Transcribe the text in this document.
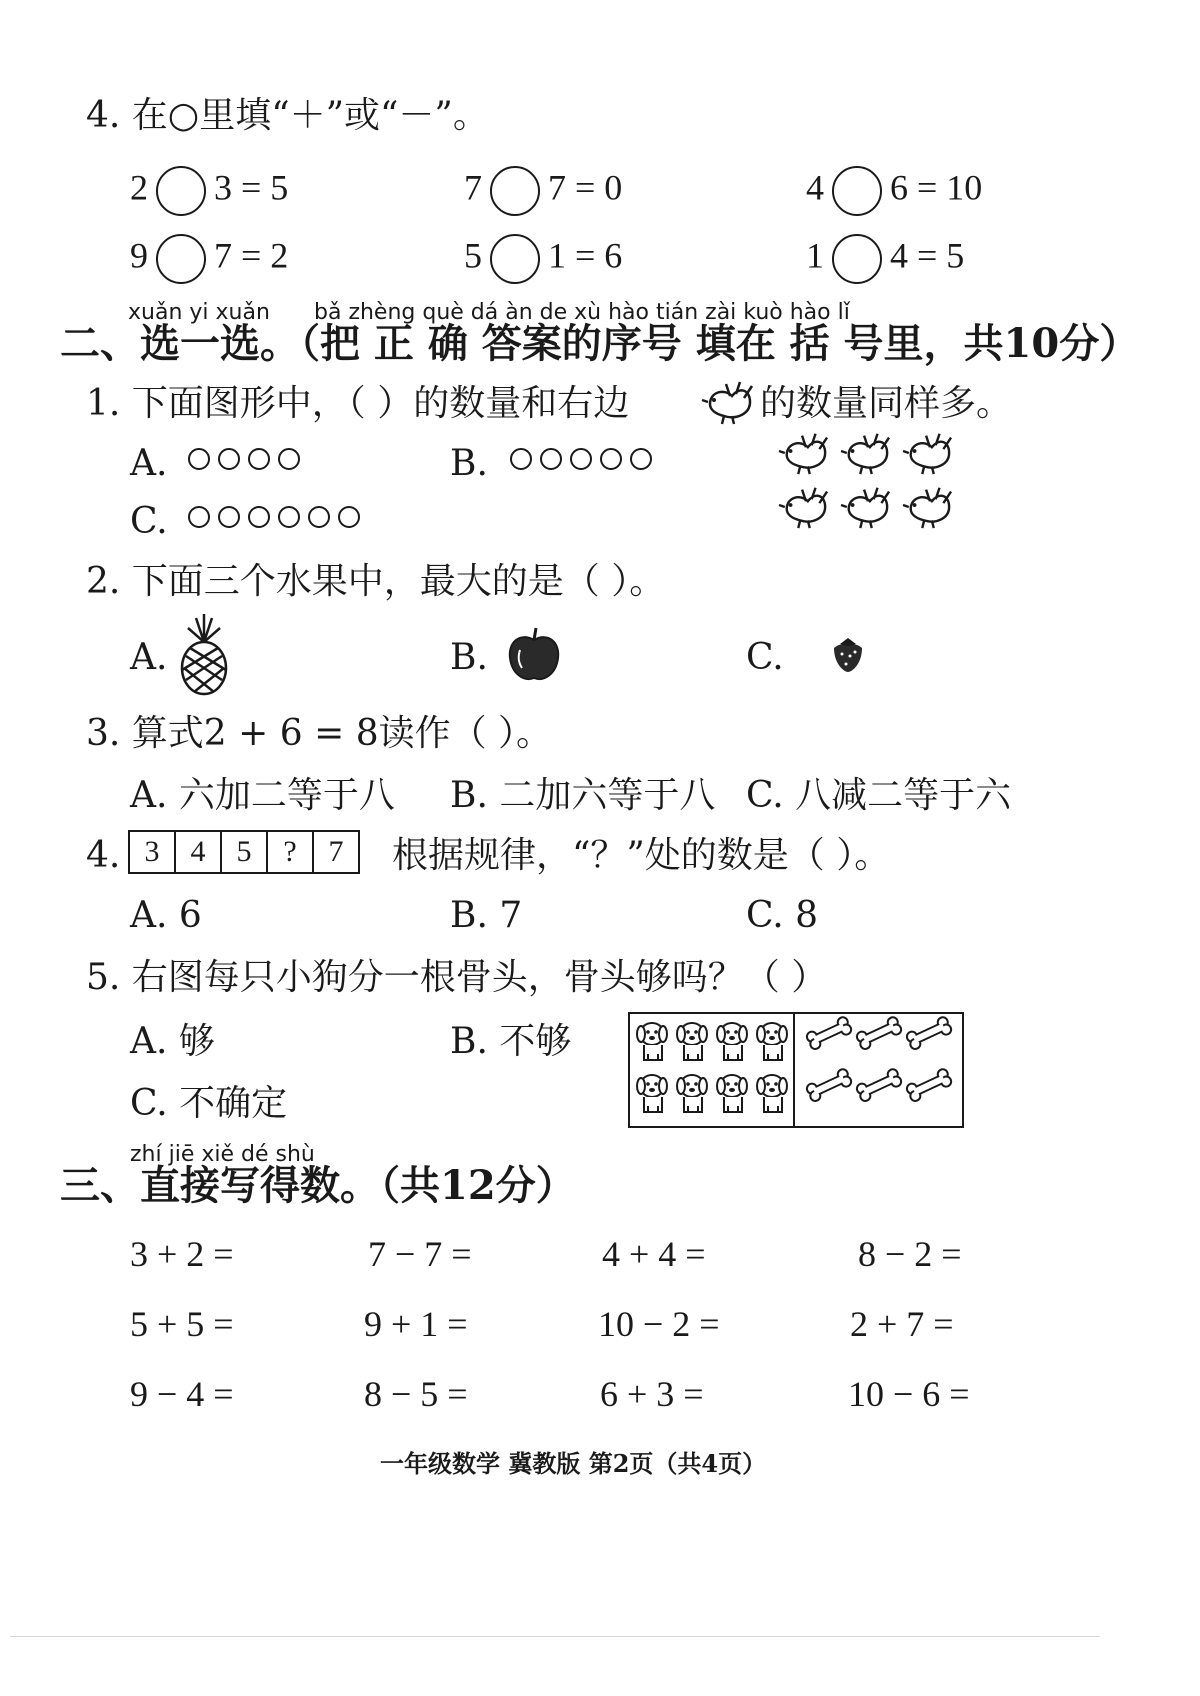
4. 在○里填“＋”或“－”。
2 3 = 5	7 7 = 0	4 6 = 10
9 7 = 2	5 1 = 6	1 4 = 5
xuǎn yi xuǎn bǎ zhèng què dá àn de xù hào tián zài kuò hào lǐ
二、选一选。（把 正 确 答案的序号 填在 括 号里，共10分）
1. 下面图形中，（ ）的数量和右边	的数量同样多。
A.	B.
C.
2. 下面三个水果中，最大的是（ ）。
A.	B.	C.
3. 算式2 + 6 = 8读作（ ）。
A. 六加二等于八 B. 二加六等于八 C. 八减二等于六
4. 3	4	5	?	7	根据规律，“？”处的数是（ ）。
A. 6	B. 7	C. 8
5. 右图每只小狗分一根骨头，骨头够吗？（ ）
A. 够	B. 不够
C. 不确定
zhí jiē xiě dé shù
三、直接写得数。（共12分）
3 + 2 =	7 − 7 =	4 + 4 =	8 − 2 =
5 + 5 =	9 + 1 =	10 − 2 =	2 + 7 =
9 − 4 =	8 − 5 =	6 + 3 =	10 − 6 =
一年级数学 冀教版 第2页（共4页）
